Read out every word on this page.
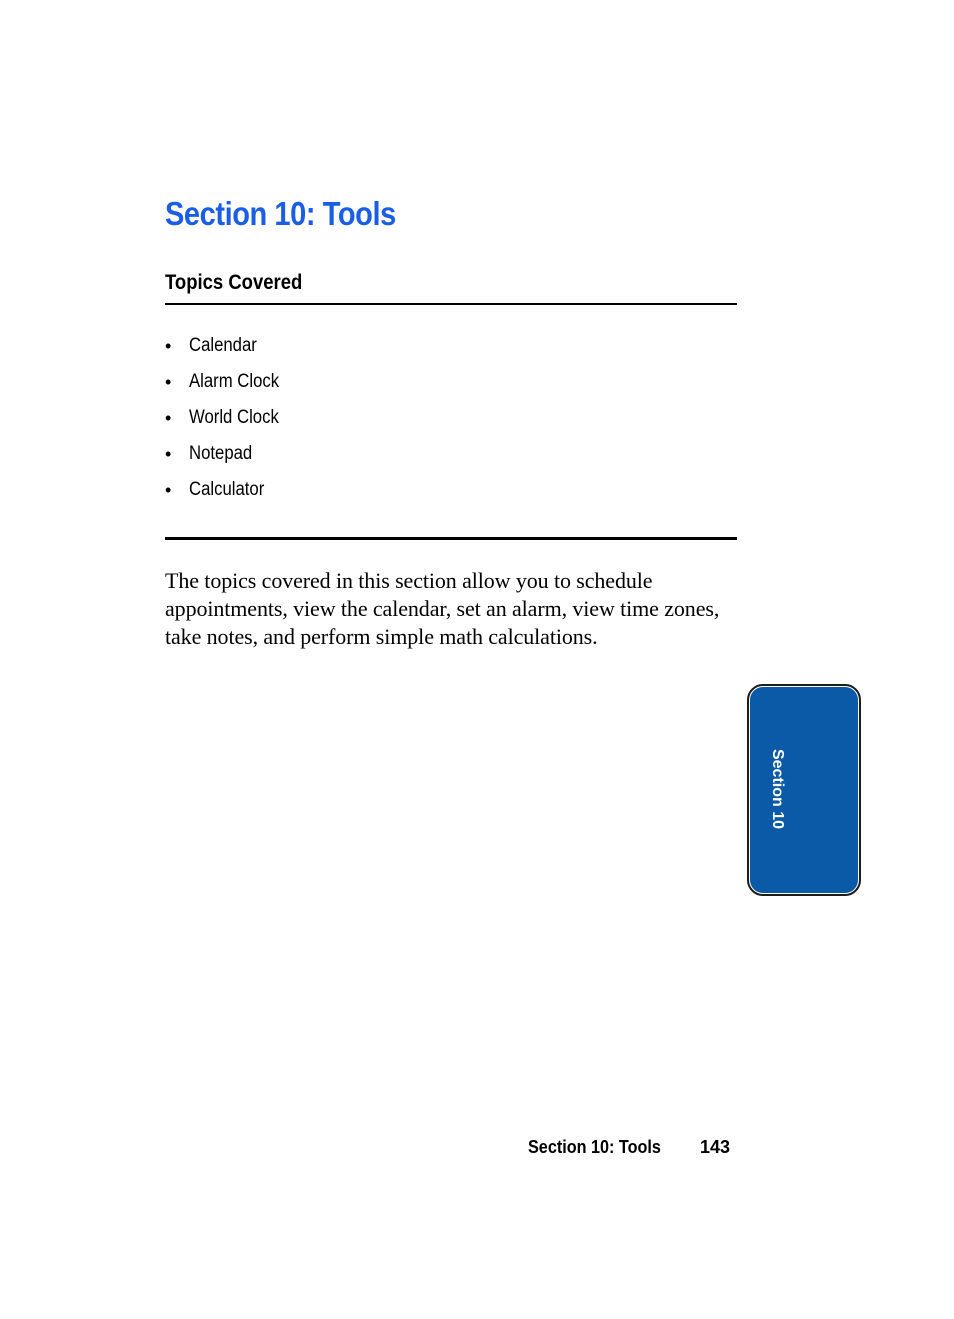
Section 10: Tools
Topics Covered
• Calendar
• Alarm Clock
• World Clock
• Notepad
• Calculator

The topics covered in this section allow you to schedule appointments, view the calendar, set an alarm, view time zones, take notes, and perform simple math calculations.

Section 10
Section 10: Tools 143
